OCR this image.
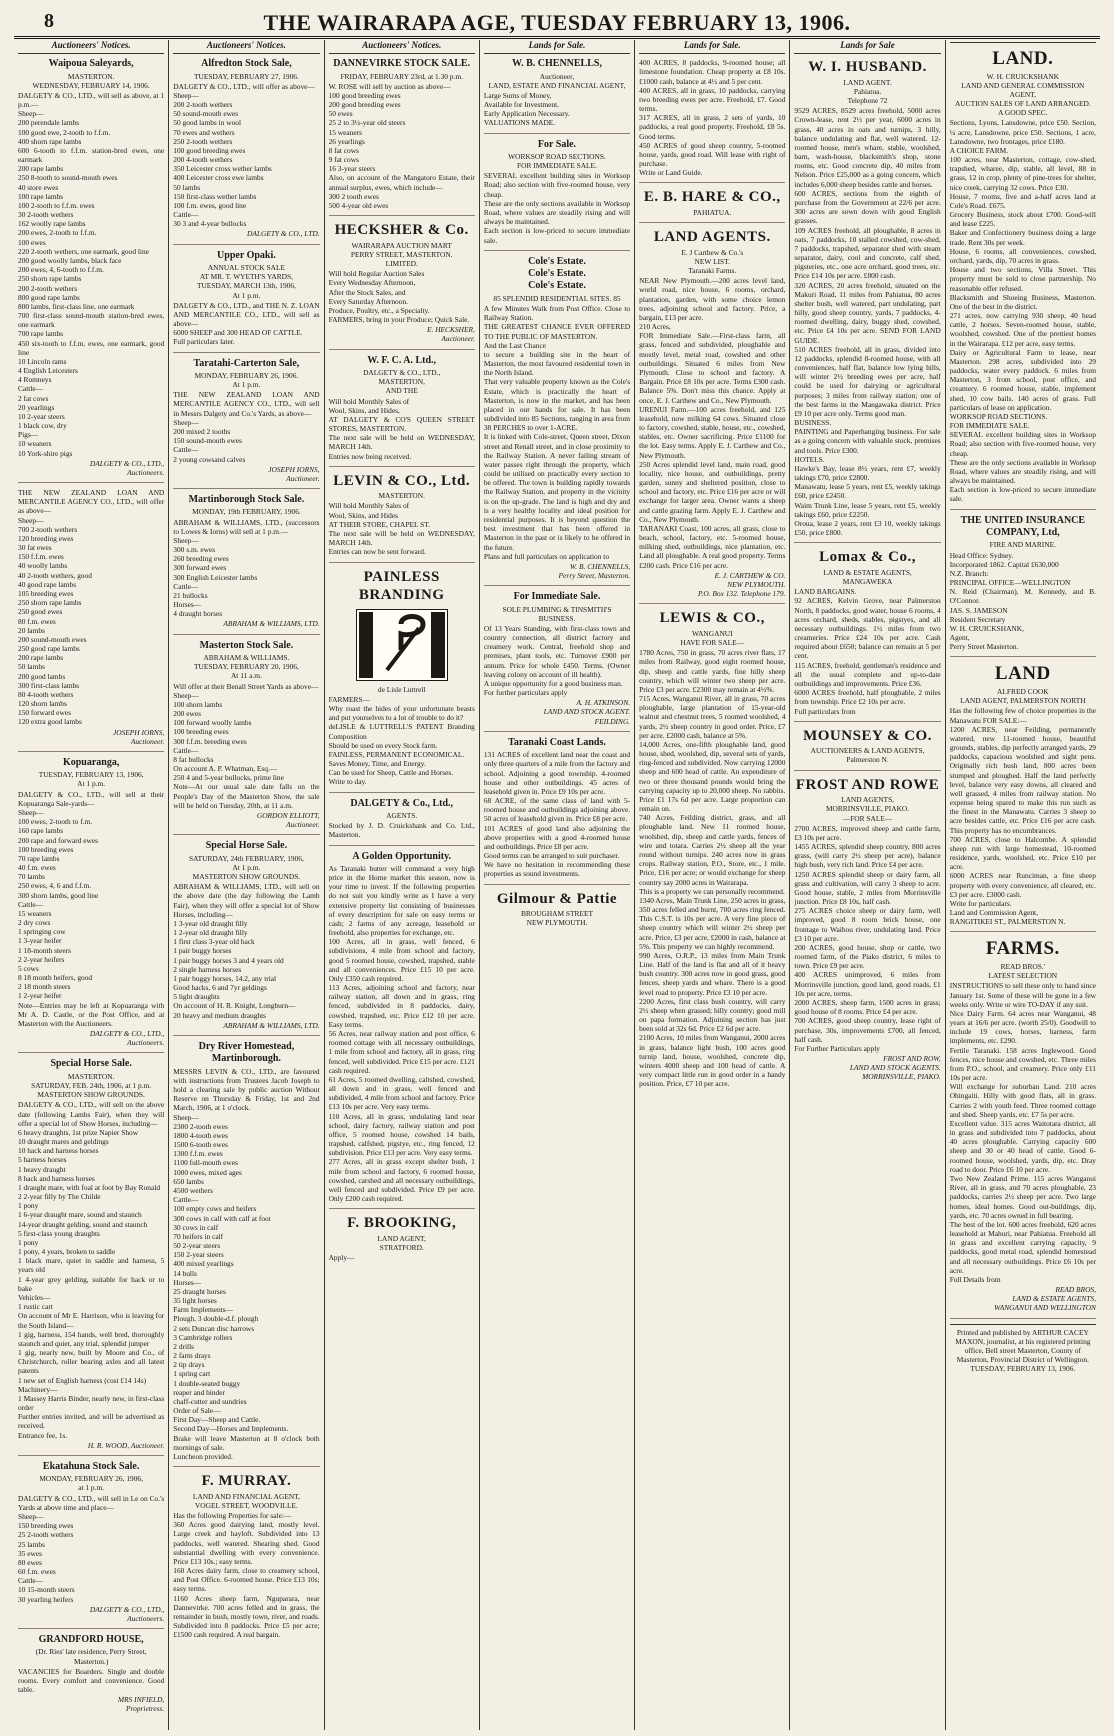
8	THE WAIRARAPA AGE, TUESDAY FEBRUARY 13, 1906.
Auctioneers' Notices.
Waipoua Saleyards,
MASTERTON.
WEDNESDAY, FEBRUARY 14, 1906.
DALGETY & CO., LTD., will sell as above, at 1 p.m.—
Sheep—
200 perendale lambs
100 good ewe, 2-tooth to f.f.m.
400 shorn rape lambs
600 6-tooth to f.f.m. station-bred ewes, one earmark
200 rape lambs
250 8-tooth to sound-mouth ewes
40 store ewes
100 rape lambs
100 2-tooth to f.f.m. ewes
30 2-tooth wethers
162 woolly rape lambs
200 ewes, 2-tooth to f.f.m.
100 ewes
220 2-tooth wethers, one earmark, good line
200 good woolly lambs, black face
200 ewes, 4, 6-tooth to f.f.m.
250 shorn rape lambs
200 2-tooth wethers
800 good rape lambs
800 lambs, first-class line, one earmark
700 first-class sound-mouth station-bred ewes, one earmark
700 rape lambs
450 six-tooth to f.f.m. ewes, one earmark, good line
10 Lincoln rams
4 English Leicesters
4 Romneys
Cattle—
2 fat cows
20 yearlings
10 2-year steers
1 black cow, dry
Pigs—
10 weaners
10 York-shire pigs
DALGETY & CO., LTD.,
Auctioneers.
THE NEW ZEALAND LOAN AND MERCANTILE AGENCY CO., LTD., will offer as above—
Sheep—
700 2-tooth wethers
120 breeding ewes
30 fat ewes
150 f.f.m. ewes
40 woolly lambs
40 2-tooth wethers, good
40 good rape lambs
105 breeding ewes
250 shorn rape lambs
250 good ewes
80 f.m. ewes
20 lambs
200 sound-mouth ewes
250 good rape lambs
200 rape lambs
50 lambs
200 good lambs
300 first-class lambs
80 4-tooth wethers
120 shorn lambs
150 forward ewes
120 extra good lambs
JOSEPH IORNS,
Auctioneer.
Kopuaranga,
TUESDAY, FEBRUARY 13, 1906,
At 1 p.m.
DALGETY & CO., LTD., will sell at their Kopuaranga Sale-yards—
Sheep—
100 ewes, 2-tooth to f.m.
160 rape lambs
200 rape and forward ewes
100 breeding ewes
70 rape lambs
40 f.m. ewes
70 lambs
250 ewes, 4, 6 and f.f.m.
300 shorn lambs, good line
Cattle—
15 weaners
2 dry cows
1 springing cow
1 3-year heifer
1 18-month steers
2 2-year heifers
5 cows
8 18 month heifers, good
2 18 month steers
1 2-year heifer
Note—Entries may be left at Kopuaranga with Mr A. D. Castle, or the Post Office, and at Masterton with the Auctioneers.
DALGETY & CO., LTD.,
Auctioneers.
Special Horse Sale.
MASTERTON.
SATURDAY, FEB. 24th, 1906, at 1 p.m.
MASTERTON SHOW GROUNDS.
DALGETY & CO., LTD., will sell on the above date (following Lambs Fair), when they will offer a special lot of Show Horses, including—
6 heavy draughts, 1st prize Napier Show
10 draught mares and geldings
10 hack and harness horses
5 harness horses
1 heavy draught
8 hack and harness horses
1 draught mare, with foal at foot by Bay Ronald
2 2-year filly by The Childe
1 pony
1 6-year draught mare, sound and staunch
14-year draught gelding, sound and staunch
5 first-class young draughts
1 pony
1 pony, 4 years, broken to saddle
1 black mare, quiet in saddle and harness, 5 years old
1 4-year grey gelding, suitable for hack or to bake
Vehicles—
1 rustic cart
On account of Mr E. Harrison, who is leaving for the South Island—
1 gig, harness, 154 hands, well bred, thoroughly staunch and quiet, any trial, splendid jumper
1 gig, nearly new, built by Moore and Co., of Christchurch, roller bearing axles and all latest patents
1 new set of English harness (cost £14 14s)
Machinery—
1 Massey Harris Binder, nearly new, in first-class order
Further entries invited, and will be advertised as received.
Entrance fee, 1s.
H. R. WOOD, Auctioneer.
Ekatahuna Stock Sale.
MONDAY, FEBRUARY 26, 1906,
at 1 p.m.
DALGETY & CO., LTD., will sell in Le on Co.'s Yards at above time and place—
Sheep—
150 breeding ewes
25 2-tooth wethers
25 lambs
35 ewes
80 ewes
60 f.m. ewes
Cattle—
10 15-month steers
30 yearling heifers
DALGETY & CO., LTD.,
Auctioneers.
GRANDFORD HOUSE,
(Dr. Ries' late residence, Perry Street, Masterton.)
VACANCIES for Boarders. Single and double rooms. Every comfort and convenience. Good table.
MRS INFIELD,
Proprietress.
Auctioneers' Notices.
Alfredton Stock Sale,
TUESDAY, FEBRUARY 27, 1906.
DALGETY & CO., LTD., will offer as above—
Sheep—
200 2-tooth wethers
50 sound-mouth ewes
50 good lambs in wool
70 ewes and wethers
250 2-tooth wethers
100 good breeding ewes
200 4-tooth wethers
350 Leicester cross wether lambs
400 Leicester cross ewe lambs
50 lambs
150 first-class wether lambs
100 f.m. ewes, good line
Cattle—
30 3 and 4-year bullocks
DALGETY & CO., LTD.
Upper Opaki.
ANNUAL STOCK SALE
AT MR. T. WYETH'S YARDS,
TUESDAY, MARCH 13th, 1906,
At 1 p.m.
DALGETY & CO., LTD., and THE N. Z. LOAN AND MERCANTILE CO., LTD., will sell as above—
6000 SHEEP and 300 HEAD OF CATTLE.
Full particulars later.
Taratahi-Carterton Sale,
MONDAY, FEBRUARY 26, 1906.
At 1 p.m.
THE NEW ZEALAND LOAN AND MERCANTILE AGENCY CO., LTD., will sell in Messrs Dalgety and Co.'s Yards, as above—
Sheep—
200 mixed 2 tooths
150 sound-mouth ewes
Cattle—
2 young cowsand calves
JOSEPH IORNS,
Auctioneer.
Martinborough Stock Sale.
MONDAY, 19th FEBRUARY, 1906.
ABRAHAM & WILLIAMS, LTD., (successors to Lowes & Iorns) will sell at 1 p.m.—
Sheep—
300 s.m. ewes
260 breeding ewes
300 forward ewes
300 English Leicester lambs
Cattle—
21 bullocks
Horses—
4 draught horses
ABRAHAM & WILLIAMS, LTD.
Masterton Stock Sale.
ABRAHAM & WILLIAMS.
TUESDAY, FEBRUARY 20, 1906,
At 11 a.m.
Will offer at their Benall Street Yards as above—
Sheep—
100 shorn lambs
200 ewes
100 forward woolly lambs
100 breeding ewes
300 f.f.m. breeding ewes
Cattle—
8 fat bullocks
On account A. P. Whatman, Esq.—
250 4 and 5-year bullocks, prime line
Note—At our usual sale date falls on the People's Day of the Masterton Show, the sale will be held on Tuesday, 20th, at 11 a.m.
GORDON ELLIOTT,
Auctioneer.
Special Horse Sale.
SATURDAY, 24th FEBRUARY, 1906,
At 1 p.m.
MASTERTON SHOW GROUNDS.
ABRAHAM & WILLIAMS, LTD., will sell on the above date (the day following the Lamb Fair), when they will offer a special lot of Show Horses, including—
1 3-year old draught filly
1 2-year old draught filly
1 first class 3-year old hack
1 pair buggy horses
1 pair buggy horses 3 and 4 years old
2 single harness horses
1 pair buggy horses, 14.2, any trial
Good hacks, 6 and 7yr geldings
5 light draughts
On account of H. R. Knight, Longburn—
20 heavy and medium draughts
ABRAHAM & WILLIAMS, LTD.
Dry River Homestead, Martinborough.
MESSRS LEVIN & CO., LTD., are favoured with instructions from Trustees Jacob Joseph to hold a clearing sale by public auction Without Reserve on Thursday & Friday, 1st and 2nd March, 1906, at 1 o'clock.
Sheep—
2300 2-tooth ewes
1800 4-tooth ewes
1500 6-tooth ewes
1300 f.f.m. ewes
1100 full-mouth ewes
1000 ewes, mixed ages
650 lambs
4500 wethers
Cattle—
100 empty cows and heifers
300 cows in calf with calf at foot
30 cows in calf
70 heifers in calf
50 2-year steers
150 2-year steers
400 mixed yearlings
14 bulls
Horses—
25 draught horses
35 light horses
Farm Implements—
Plough, 3 double-d.f. plough
2 sets Duncan disc harrows
3 Cambridge rollers
2 drills
2 farm drays
2 tip drays
1 spring cart
1 double-seated buggy
reaper and binder
chaff-cutter and sundries
Order of Sale—
First Day—Sheep and Cattle.
Second Day—Horses and Implements.
Brake will leave Masterton at 8 o'clock both mornings of sale.
Luncheon provided.
F. MURRAY.
LAND AND FINANCIAL AGENT,
VOGEL STREET, WOODVILLE.
Has the following Properties for sale:—
360 Acres good dairying land, mostly level. Large creek and hayloft. Subdivided into 13 paddocks, well watered. Shearing shed. Good substantial dwelling with every convenience. Price £13 10s.; easy terms.
160 Acres dairy farm, close to creamery school, and Post Office. 6-roomed house. Price £13 10s; easy terms.
1160 Acres sheep farm, Nguparara, near Dannevirke. 700 acres felled and in grass, the remainder in bush, mostly town, river, and roads. Subdivided into 8 paddocks. Price £5 per acre; £1500 cash required. A real bargain.
Auctioneers' Notices.
DANNEVIRKE STOCK SALE.
FRIDAY, FEBRUARY 23rd, at 1.30 p.m.
W. ROSE will sell by auction as above—
100 good breeding ewes
200 good breeding ewes
50 ewes
25 2 to 3½-year old steers
15 weaners
26 yearlings
8 fat cows
9 fat cows
16 3-year steers
Also, on account of the Mangatoro Estate, their annual surplus, ewes, which include—
300 2 tooth ewes
500 4-year old ewes
HECKSHER & Co.
WAIRARAPA AUCTION MART
PERRY STREET, MASTERTON.
LIMITED.
Will hold Regular Auction Sales
Every Wednesday Afternoon,
After the Stock Sales, and
Every Saturday Afternoon.
Produce, Poultry, etc., a Specialty.
FARMERS, bring in your Produce; Quick Sale.
E. HECKSHER,
Auctioneer.
W. F. C. A. Ltd.,
DALGETY & CO., LTD.,
MASTERTON,
AND THE
Will hold Monthly Sales of
Wool, Skins, and Hides,
AT DALGETY & CO'S QUEEN STREET STORES, MASTERTON.
The next sale will be held on WEDNESDAY, MARCH 14th.
Entries now being received.
LEVIN & CO., Ltd.
MASTERTON.
Will hold Monthly Sales of
Wool, Skins, and Hides
AT THEIR STORE, CHAPEL ST.
The next sale will be held on WEDNESDAY, MARCH 14th.
Entries can now be sent forward.
PAINLESS BRANDING
de Lisle Luttrell
FARMERS—
Why roast the hides of your unfortunate beasts and put yourselves to a lot of trouble to do it?
deLISLE & LUTTRELL'S PATENT Branding Composition
Should be used on every Stock farm.
FAINLESS, PERMANENT ECONOMICAL.
Saves Money, Time, and Energy.
Can be used for Sheep, Cattle and Horses.
Write to day.
DALGETY & Co., Ltd.,
AGENTS.
Stocked by J. D. Cruickshank and Co. Ltd., Masterton.
A Golden Opportunity.
As Taranaki butter will command a very high price in the Home market this season, now is your time to invest. If the following properties do not suit you kindly write as I have a very extensive property list consisting of businesses of every description for sale on easy terms or cash; 2 farms of any acreage, leasehold or freehold, also properties for exchange, etc.
100 Acres, all in grass, well fenced, 6 subdivisions, 4 mile from school and factory, good 5 roomed house, cowshed, trapshed, stable and all conveniences. Price £15 10 per acre. Only £350 cash required.
113 Acres, adjoining school and factory, near railway station, all down and in grass, ring fenced, subdivided in 8 paddocks, dairy, cowshed, trapshed, etc. Price £12 10 per acre. Easy terms.
56 Acres, near railway station and post office, 6 roomed cottage with all necessary outbuildings, 1 mile from school and factory, all in grass, ring fenced, well subdivided. Price £15 per acre. £121 cash required.
61 Acres, 5 roomed dwelling, caltshed, cowshed, all down and in grass, well fenced and subdivided, 4 mile from school and factory. Price £13 10s per acre. Very easy terms.
110 Acres, all in grass, undulating land near school, dairy factory, railway station and post office, 5 roomed house, cowshed 14 bails, trapshed, calfshed, pigstye, etc., ring fenced, 12 subdivision. Price £13 per acre. Very easy terms.
277 Acres, all in grass except shelter bush, 1 mile from school and factory, 6 roomed house, cowshed, carshed and all necessary outbuildings, well fenced and subdivided. Price £9 per acre. Only £200 cash required.
F. BROOKING,
LAND AGENT,
STRATFORD.
Apply—
Lands for Sale.
W. B. CHENNELLS,
Auctioneer,
LAND, ESTATE AND FINANCIAL AGENT,
Large Sums of Money,
Available for Investment.
Early Application Necessary.
VALUATIONS MADE.
For Sale.
WORKSOP ROAD SECTIONS.
FOR IMMEDIATE SALE.
SEVERAL excellent building sites in Worksop Road; also section with five-roomed house, very cheap.
These are the only sections available in Worksop Road, where values are steadily rising and will always be maintained.
Each section is low-priced to secure immediate sale.
Cole's Estate.
Cole's Estate.
Cole's Estate.
85 SPLENDID RESIDENTIAL SITES. 85
A few Minutes Walk from Post Office. Close to Railway Station.
THE GREATEST CHANCE EVER OFFERED TO THE PUBLIC OF MASTERTON.
And the Last Chance
to secure a building site in the heart of Masterton, the most favoured residential town in the North Island.
That very valuable property known as the Cole's Estate, which is practically the heart of Masterton, is now in the market, and has been placed in our hands for sale. It has been subdivided into 85 Sections, ranging in area from
38 PERCHES to over 1-ACRE.
It is linked with Cole-street, Queen street, Dixon street and Renall street, and in close proximity to the Railway Station. A never failing stream of water passes right through the property, which could be utilised on practically every section to be offered. The town is building rapidly towards the Railway Station, and property in the vicinity is on the up-grade. The land is high and dry and is a very healthy locality and ideal position for residential purposes. It is beyond question the best investment that has been offered in Masterton in the past or is likely to be offered in the future.
Plans and full particulars on application to
W. B. CHENNELLS,
Perry Street, Masterton.
For Immediate Sale.
SOLE PLUMBING & TINSMITH'S BUSINESS.
Of 13 Years Standing, with first-class town and country connection, all district factory and creamery work. Central, freehold shop and premises, plant tools, etc. Turnover £900 per annum. Price for whole £450. Terms. (Owner leaving colony on account of ill health).
A unique opportunity for a good business man.
For further particulars apply
A. H. ATKINSON.
LAND AND STOCK AGENT.
FEILDING.
Taranaki Coast Lands.
131 ACRES of excellent land near the coast and only three quarters of a mile from the factory and school. Adjoining a good township. 4-roomed house and other outbuildings. 45 acres of leasehold given in. Price £9 10s per acre.
68 ACRE, of the same class of land with 5-roomed house and outbuildings adjoining above. 50 acres of leasehold given in. Price £8 per acre.
101 ACRES of good land also adjoining the above properties with a good 4-roomed house and outbuildings. Price £8 per acre.
Good terms can be arranged to suit purchaser.
We have no hesitation in recommending these properties as sound investments.
Gilmour & Pattie
BROUGHAM STREET
NEW PLYMOUTH.
Lands for Sale.
400 ACRES, 8 paddocks, 9-roomed house; all limestone foundation. Cheap property at £8 10s. £1000 cash, balance at 4½ and 5 per cent.
400 ACRES, all in grass, 10 paddocks, carrying two breeding ewes per acre. Freehold, £7. Good terms.
317 ACRES, all in grass, 2 sets of yards, 10 paddocks, a real good property. Freehold, £8 5s. Good terms.
450 ACRES of good sheep country, 5-roomed house, yards, good road. Will lease with right of purchase.
Write or Land Guide.
E. B. HARE & CO.,
PAHIATUA.
LAND AGENTS.
E. J Carthew & Co.'s
NEW LIST.
Taranaki Farms.
NEAR New Plymouth.—200 acres level land, world road, nice house, 6 rooms, orchard, plantation, garden, with some choice lemon trees, adjoining school and factory. Price, a bargain, £13 per acre.
210 Acres,
FOR Immediate Sale.—First-class farm, all grass, fenced and subdivided, ploughable and mostly level, metal road, cowshed and other outbuildings. Situated 6 miles from New Plymouth. Close to school and factory. A Bargain. Price £8 10s per acre. Terms £300 cash. Balance 5%. Don't miss this chance. Apply at once, E. J. Carthew and Co., New Plymouth.
URENUI Farm.—100 acres freehold, and 125 leasehold, now milking 64 cows. Situated close to factory, cowshed, stable, house, etc., cowshed, stables, etc. Owner sacrificing. Price £1100 for the lot. Easy terms. Apply E. J. Carthew and Co., New Plymouth.
250 Acres splendid level land, main road, good locality, nice house, and outbuildings, pretty garden, sunny and sheltered position, close to school and factory, etc. Price £16 per acre or will exchange for larger area. Owner wants a sheep and cattle grazing farm. Apply E. J. Carthew and Co., New Plymouth.
TARANAKI Coast, 100 acres, all grass, close to beach, school, factory, etc. 5-roomed house, milking shed, outbuildings, nice plantation, etc. Land all ploughable. A real good property. Terms £200 cash. Price £16 per acre.
E. J. CARTHEW & CO.
NEW PLYMOUTH.
P.O. Box 132. Telephone 179.
LEWIS & CO.,
WANGANUI
HAVE FOR SALE—
1780 Acres, 750 in grass, 70 acres river flats, 17 miles from Railway, good eight roomed house, dip, sheep and cattle yards, fine hilly sheep country, which will winter two sheep per acre. Price £3 per acre. £2300 may remain at 4½%.
715 Acres, Wanganui River, all in grass, 70 acres ploughable, large plantation of 15-year-old walnut and chestnut trees, 5 roomed woolshed, 4 yards, 2½ sheep country in good order. Price, £7 per acre. £2000 cash, balance at 5%.
14,000 Acres, one-fifth ploughable land, good house, shed, woolshed, dip, several sets of yards, ring-fenced and subdivided. Now carrying 12000 sheep and 600 head of cattle. An expenditure of two or three thousand pounds would bring the carrying capacity up to 20,000 sheep. No rabbits. Price £1 17s 6d per acre. Large proportion can remain on.
740 Acres, Feilding district, grass, and all ploughable land. New 11 roomed house, woolshed, dip, sheep and cattle yards, fences of wire and totara. Carries 2½ sheep all the year round without turnips. 240 acres now in grass crops. Railway station, P.O., Store, etc., 1 mile. Price, £16 per acre; or would exchange for sheep country say 2000 acres in Wairarapa.
This is a property we can personally recommend.
1340 Acres, Main Trunk Line, 250 acres in grass, 350 acres felled and burnt, 700 acres ring fenced. This C.S.T. is 10s per acre. A very fine piece of sheep country which will winter 2½ sheep per acre. Price, £3 per acre, £2000 in cash, balance at 5%. This property we can highly recommend.
990 Acres, O.R.P., 13 miles from Main Trunk Line. Half of the land is flat and all of it heavy bush country. 300 acres now in good grass, good fences, sheep yards and whare. There is a good level road to property. Price £3 10 per acre.
2200 Acres, first class bush country, will carry 2½ sheep when grassed; hilly country; good mill on papa formation. Adjoining section has just been sold at 32s 6d. Price £2 6d per acre.
2100 Acres, 10 miles from Wanganui, 2000 acres in grass, balance light bush, 100 acres good turnip land, house, woolshed, concrete dip, winters 4000 sheep and 100 head of cattle. A very compact little run in good order in a handy position. Price, £7 10 per acre.
Lands for Sale
W. I. HUSBAND.
LAND AGENT.
Pahiatua.
Telephone 72
9529 ACRES, 8529 acres freehold, 5000 acres Crown-lease, rent 2½ per year, 6000 acres in grass, 40 acres in oats and turnips, 3 hilly, balance undulating and flat, well watered. 12-roomed house, men's whare, stable, woolshed, barn, wash-house, blacksmith's shop, stone rooms, etc. Good concrete dip, 40 miles from Nelson. Price £25,000 as a going concern, which includes 6,000 sheep besides cattle and horses.
600 ACRES, sections from the eighth of purchase from the Government at 22/6 per acre. 300 acres are sown down with good English grasses.
109 ACRES freehold, all ploughable, 8 acres in oats, 7 paddocks, 10 stalled cowshed, cow-shed, 7 paddocks, trapshed, separator shed with steam separator, dairy, cool and concrete, calf shed, pigsteries, etc., one acre orchard, good trees, etc. Price £14 10s per acre. £800 cash.
320 ACRES, 20 acres freehold, situated on the Makuri Road, 11 miles from Pahiatua, 80 acres shelter bush, well watered, part undulating, part hilly, good sheep country, yards, 7 paddocks, 4-roomed dwelling, dairy, buggy shed, cowshed, etc. Price £4 10s per acre. SEND FOR LAND GUIDE.
510 ACRES freehold, all in grass, divided into 12 paddocks, splendid 8-roomed house, with all conveniences, half flat, balance low lying hills, will winter 2½ breeding ewes per acre, half could be used for dairying or agricultural purposes; 3 miles from railway station; one of the best farms in the Mangawaka district. Price £9 10 per acre only. Terms good man.
BUSINESS.
PAINTING and Paperhanging business. For sale as a going concern with valuable stock, premises and tools. Price £300.
HOTELS.
Hawke's Bay, lease 8½ years, rent £7, weekly takings £70, price £2800.
Manawatu, lease 5 years, rent £5, weekly takings £60, price £2450.
Waim Trunk Line, lease 5 years, rent £5, weekly takings £60, price £2250.
Oroua, lease 2 years, rent £3 10, weekly takings £50, price £800.
Lomax & Co.,
LAND & ESTATE AGENTS,
MANGAWEKA
LAND BARGAINS.
92 ACRES, Kelvin Grove, near Palmerston North, 8 paddocks, good water, house 6 rooms, 4 acres orchard, sheds, stables, pigstyes, and all necessary outbuildings. 1½ miles from two creameries. Price £24 10s per acre. Cash required about £650; balance can remain at 5 per cent.
115 ACRES, freehold, gentleman's residence and all the usual complete and up-to-date outbuildings and improvements. Price £36.
6000 ACRES freehold, half ploughable, 2 miles from township. Price £2 10s per acre.
Full particulars from
MOUNSEY & CO.
AUCTIONEERS & LAND AGENTS,
Palmerston N.
FROST AND ROWE
LAND AGENTS,
MORRINSVILLE, PIAKO.
—FOR SALE—
2700 ACRES, improved sheep and cattle farm, £3 10s per acre.
1455 ACRES, splendid sheep country, 800 acres grass, (will carry 2½ sheep per acre), balance high bush, very rich land. Price £4 per acre.
1250 ACRES splendid sheep or dairy farm, all grass and cultivation, will carry 3 sheep to acre. Good house, stable, 2 miles from Morrinsville junction. Price £8 10s, half cash.
275 ACRES choice sheep or dairy farm, well improved, good 8 room brick house, one frontage to Waihou river, undulating land. Price £3 10 per acre.
200 ACRES, good house, shop or cattle, two roomed farm, of the Piako district, 6 miles to town. Price £9 per acre.
400 ACRES unimproved, 6 miles from Morrinsville junction, good land, good roads, £1 10s per acre, terms.
2000 ACRES, sheep farm, 1500 acres in grass; good house of 8 rooms. Price £4 per acre.
700 ACRES, good sheep country, lease right of purchase, 30s, improvements £700, all fenced, half cash.
For Further Particulars apply
FROST AND ROW,
LAND AND STOCK AGENTS.
MORRINSVILLE, PIAKO.
LAND.
W. H. CRUICKSHANK
LAND AND GENERAL COMMISSION AGENT,
AUCTION SALES OF LAND ARRANGED.
A GOOD SPEC.
Sections, Lyons, Lansdowne, price £50. Section, ¼ acre, Lansdowne, price £50. Sections, 1 acre, Lansdowne, two frontages, price £180.
A CHOICE FARM.
100 acres, near Masterton, cottage, cow-shed, trapshed, wharee, dip, stable, all level, 88 in grass, 12 in crop, plenty of pine-trees for shelter, nice creek, carrying 32 cows. Price £30.
House, 7 rooms, five and a-half acres land at Cole's Road. £675.
Grocery Business, stock about £700. Good-will and lease £225.
Baker and Confectionery business doing a large trade. Rent 30s per week.
House, 6 rooms, all conveniences, cowshed, orchard, yards, dip, 70 acres in grass.
House and two sections, Villa Street. This property must be sold to close partnership. No reasonable offer refused.
Blacksmith and Shoeing Business, Masterton. One of the best in the district.
271 acres, now carrying 930 sheep, 40 head cattle, 2 horses. Seven-roomed house, stable, woolshed, cowshed. One of the prettiest homes in the Wairarapa. £12 per acre, easy terms.
Dairy or Agricultural Farm to lease, near Masterton. 298 acres, subdivided into 29 paddocks, water every paddock. 6 miles from Masterton, 3 from school, post office, and creamery. 6 roomed house, stable, implement shed, 10 cow bails. 140 acres of grass. Full particulars of lease on application.
WORKSOP ROAD SECTIONS.
FOR IMMEDIATE SALE.
SEVERAL excellent building sites in Worksop Road; also section with five-roomed house, very cheap.
These are the only sections available in Worksop Road, where values are steadily rising, and will always be maintained.
Each section is low-priced to secure immediate sale.
THE UNITED INSURANCE COMPANY, Ltd,
FIRE AND MARINE.
Head Office: Sydney.
Incorporated 1862. Capital £630,000
N.Z. Branch:
PRINCIPAL OFFICE—WELLINGTON
N. Reid (Chairman), M. Kennedy, and B. O'Connor.
JAS. S. JAMESON
Resident Secretary
W. H. CRUICKSHANK,
Agent,
Perry Street Masterton.
LAND
ALFRED COOK
LAND AGENT, PALMERSTON NORTH
Has the following few of choice properties in the Manawatu FOR SALE:—
1200 ACRES, near Feilding, permanently watered, new 11-roomed house, beautiful grounds, stables, dip perfectly arranged yards, 29 paddocks, capacious woolshed and sight pens. Originally rich bush land, 800 acres been stumped and ploughed. Half the land perfectly level, balance very easy downs, all cleared and well grassed, 4 miles from railway station. No expense being spared to make this run such as the finest in the Manawatu. Carries 3 sheep to acre besides cattle, etc. Price £16 per acre cash. This property has no encumbrances.
700 ACRES, close to Halcombe. A splendid sheep run with large homestead, 10-roomed residence, yards, woolshed, etc. Price £10 per acre.
6000 ACRES near Runciman, a fine sheep property with every convenience, all cleared, etc. £3 per acre. £3000 cash.
Write for particulars.
Land and Commission Agent,
RANGITIKEI ST., PALMERSTON N.
FARMS.
READ BROS.'
LATEST SELECTION
INSTRUCTIONS to sell these only to hand since January 1st. Some of these will be gone in a few weeks only. Write or wire TO-DAY if any suit.
Nice Dairy Farm. 64 acres near Wanganui, 48 years at 16/6 per acre. (worth 25/0). Goodwill to include 19 cows, horses, harness, farm implements, etc. £290.
Fertile Taranaki. 158 acres Inglewood. Good fences, nice house and cowshed, etc. Three miles from P.O., school, and creamery. Price only £11 10s per acre.
Will exchange for suburban Land. 210 acres Ohingaiti. Hilly with good flats, all in grass. Carries 2 with youth feed. Three roomed cottage and shed. Sheep yards, etc. £7 5s per acre.
Excellent value. 315 acres Waitotara district, all in grass and subdivided into 7 paddocks, about 40 acres ploughable. Carrying capacity 600 sheep and 30 or 40 head of cattle. Good 6-roomed house, woolshed, yards, dip, etc. Dray road to door. Price £6 10 per acre.
Two New Zealand Prime. 115 acres Wanganui River, all in grass, and 70 acres ploughable, 23 paddocks, carries 2½ sheep per acre. Two large homes, ideal homes. Good out-buildings, dip, yards, etc. 70 acres owned in full bearing.
The best of the lot. 600 acres freehold, 620 acres leasehold at Mahuri, near Pahiatua. Freehold all in grass and excellent carrying capacity, 9 paddocks, good metal road, splendid homestead and all necessary outbuildings. Price £6 10s per acre.
Full Details from
READ BROS,
LAND & ESTATE AGENTS,
WANGANUI AND WELLINGTON
Printed and published by ARTHUR CACEY MAXON, journalist, at his registered printing office, Bell street Masterton, County of Masterton, Provincial District of Wellington.
TUESDAY, FEBRUARY 13, 1906.
